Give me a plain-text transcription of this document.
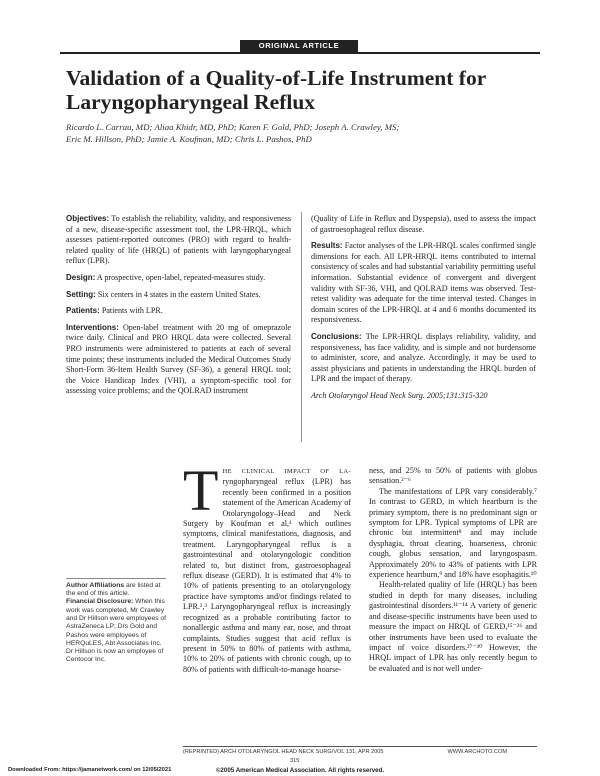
ORIGINAL ARTICLE
Validation of a Quality-of-Life Instrument for Laryngopharyngeal Reflux
Ricardo L. Carrau, MD; Aliaa Khidr, MD, PhD; Karen F. Gold, PhD; Joseph A. Crawley, MS;
Eric M. Hillson, PhD; Jamie A. Koufman, MD; Chris L. Pashos, PhD

Objectives: To establish the reliability, validity, and responsiveness of a new, disease-specific assessment tool, the LPR-HRQL, which assesses patient-reported outcomes (PRO) with regard to health-related quality of life (HRQL) of patients with laryngopharyngeal reflux (LPR).

Design: A prospective, open-label, repeated-measures study.

Setting: Six centers in 4 states in the eastern United States.

Patients: Patients with LPR.

Interventions: Open-label treatment with 20 mg of omeprazole twice daily. Clinical and PRO HRQL data were collected. Several PRO instruments were administered to patients at each of several time points; these instruments included the Medical Outcomes Study Short-Form 36-Item Health Survey (SF-36), a general HRQL tool; the Voice Handicap Index (VHI), a symptom-specific tool for assessing voice problems; and the QOLRAD instrument

(Quality of Life in Reflux and Dyspepsia), used to assess the impact of gastroesophageal reflux disease.

Results: Factor analyses of the LPR-HRQL scales confirmed single dimensions for each. All LPR-HRQL items contributed to internal consistency of scales and had substantial variability permitting useful information. Substantial evidence of convergent and divergent validity with SF-36, VHI, and QOLRAD items was observed. Test-retest validity was adequate for the time interval tested. Changes in domain scores of the LPR-HRQL at 4 and 6 months documented its responsiveness.

Conclusions: The LPR-HRQL displays reliability, validity, and responsiveness, has face validity, and is simple and not burdensome to administer, score, and analyze. Accordingly, it may be used to assist physicians and patients in understanding the HRQL burden of LPR and the impact of therapy.

Arch Otolaryngol Head Neck Surg. 2005;131:315-320

Author Affiliations are listed at the end of this article.
Financial Disclosure: When this work was completed, Mr Crawley and Dr Hillson were employees of AstraZeneca LP; Drs Gold and Pashos were employees of HERQuLES, Abt Associates Inc.
Dr Hillson is now an employee of Centocor Inc.

T HE CLINICAL IMPACT OF LA- ryngopharyngeal reflux (LPR) has recently been confirmed in a position statement of the American Academy of Otolaryngology–Head and Neck Surgery by Koufman et al,¹ which outlines symptoms, clinical manifestations, diagnosis, and treatment. Laryngopharyngeal reflux is a gastrointestinal and otolaryngologic condition related to, but distinct from, gastroesophageal reflux disease (GERD). It is estimated that 4% to 10% of patients presenting to an otolaryngology practice have symptoms and/or findings related to LPR.²,³ Laryngopharyngeal reflux is increasingly recognized as a probable contributing factor to nonallergic asthma and many ear, nose, and throat complaints. Studies suggest that acid reflux is present in 50% to 80% of patients with asthma, 10% to 20% of patients with chronic cough, up to 80% of patients with difficult-to-manage hoarse-

ness, and 25% to 50% of patients with globus sensation.²⁻⁶

The manifestations of LPR vary considerably.⁷ In contrast to GERD, in which heartburn is the primary symptom, there is no predominant sign or symptom for LPR. Typical symptoms of LPR are chronic but intermittent⁸ and may include dysphagia, throat clearing, hoarseness, chronic cough, globus sensation, and laryngospasm. Approximately 20% to 43% of patients with LPR experience heartburn,⁹ and 18% have esophagitis.¹⁰

Health-related quality of life (HRQL) has been studied in depth for many diseases, including gastrointestinal disorders.¹¹⁻¹⁴ A variety of generic and disease-specific instruments have been used to measure the impact on HRQL of GERD,¹⁵⁻²⁶ and other instruments have been used to evaluate the impact of voice disorders.²⁷⁻³⁰ However, the HRQL impact of LPR has only recently begun to be evaluated and is not well under-

(REPRINTED) ARCH OTOLARYNGOL HEAD NECK SURG/VOL 131, APR 2005	WWW.ARCHOTO.COM
315
©2005 American Medical Association. All rights reserved.
Downloaded From: https://jamanetwork.com/ on 12/05/2021
